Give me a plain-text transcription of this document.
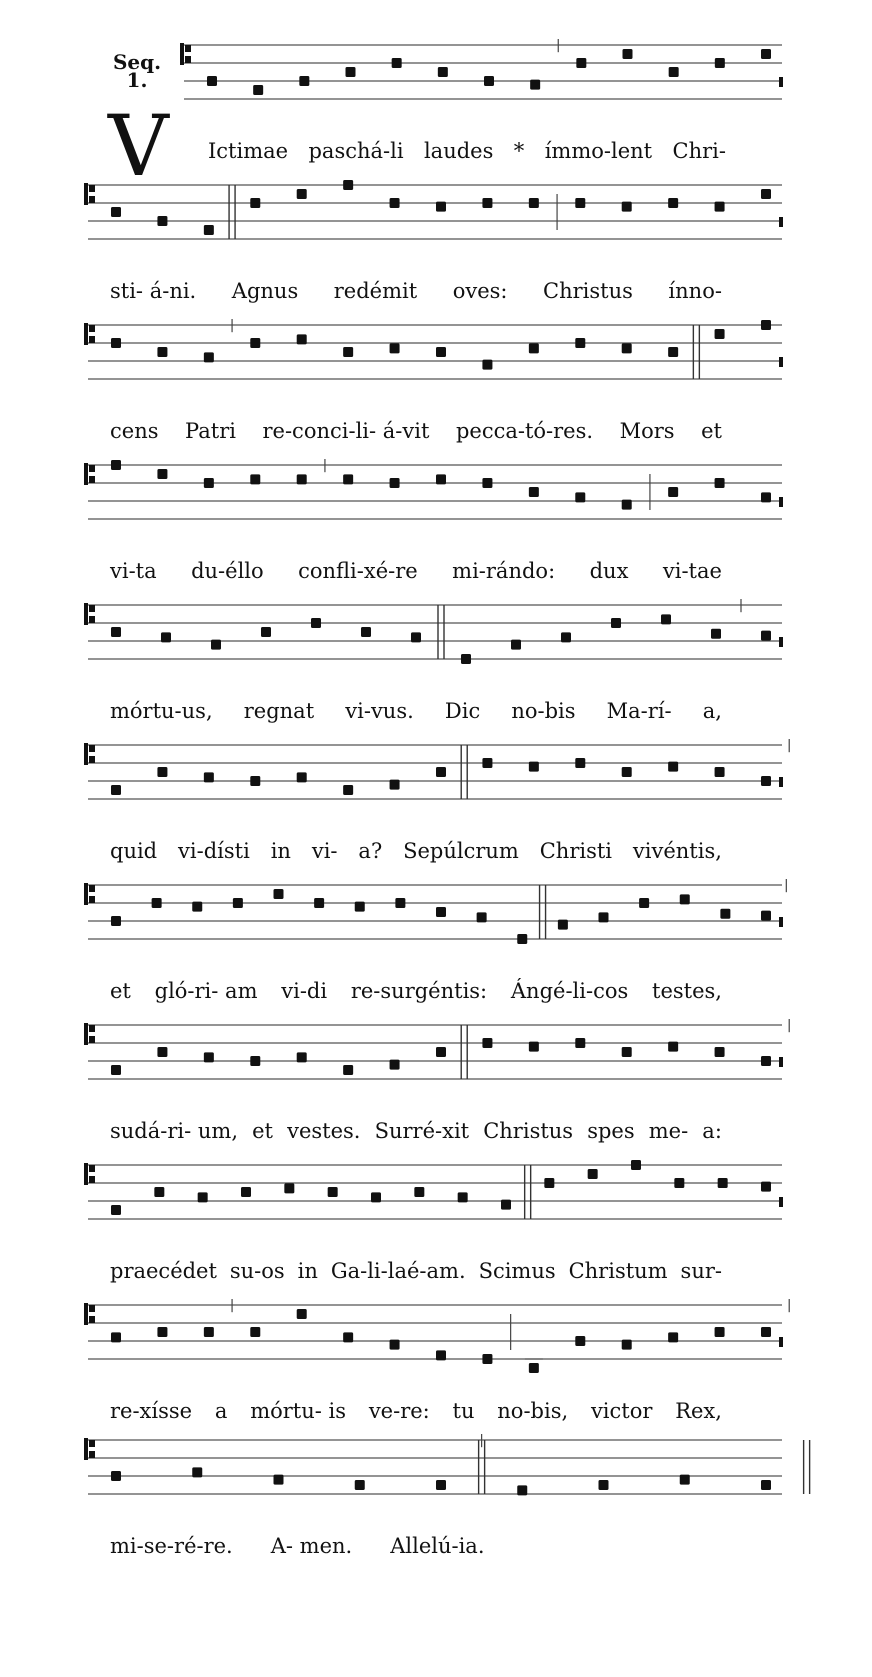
Ictimae paschá-li laudes * ímmo-lent Chri-
sti- á-ni. Agnus redémit oves: Christus ínno-
cens Patri re-conci-li- á-vit pecca-tó-res. Mors et
vi-ta du-éllo confli-xé-re mi-rándo: dux vi-tae
mórtu-us, regnat vi-vus. Dic no-bis Ma-rí- a,
quid vi-dísti in vi- a? Sepúlcrum Christi vivéntis,
et gló-ri- am vi-di re-surgéntis: Ángé-li-cos testes,
sudá-ri- um, et vestes. Surré-xit Christus spes me- a:
praecédet su-os in Ga-li-laé-am. Scimus Christum sur-
re-xísse a mórtu- is ve-re: tu no-bis, victor Rex,
mi-se-ré-re. A- men. Allelú-ia.
Seq.
1.
V
